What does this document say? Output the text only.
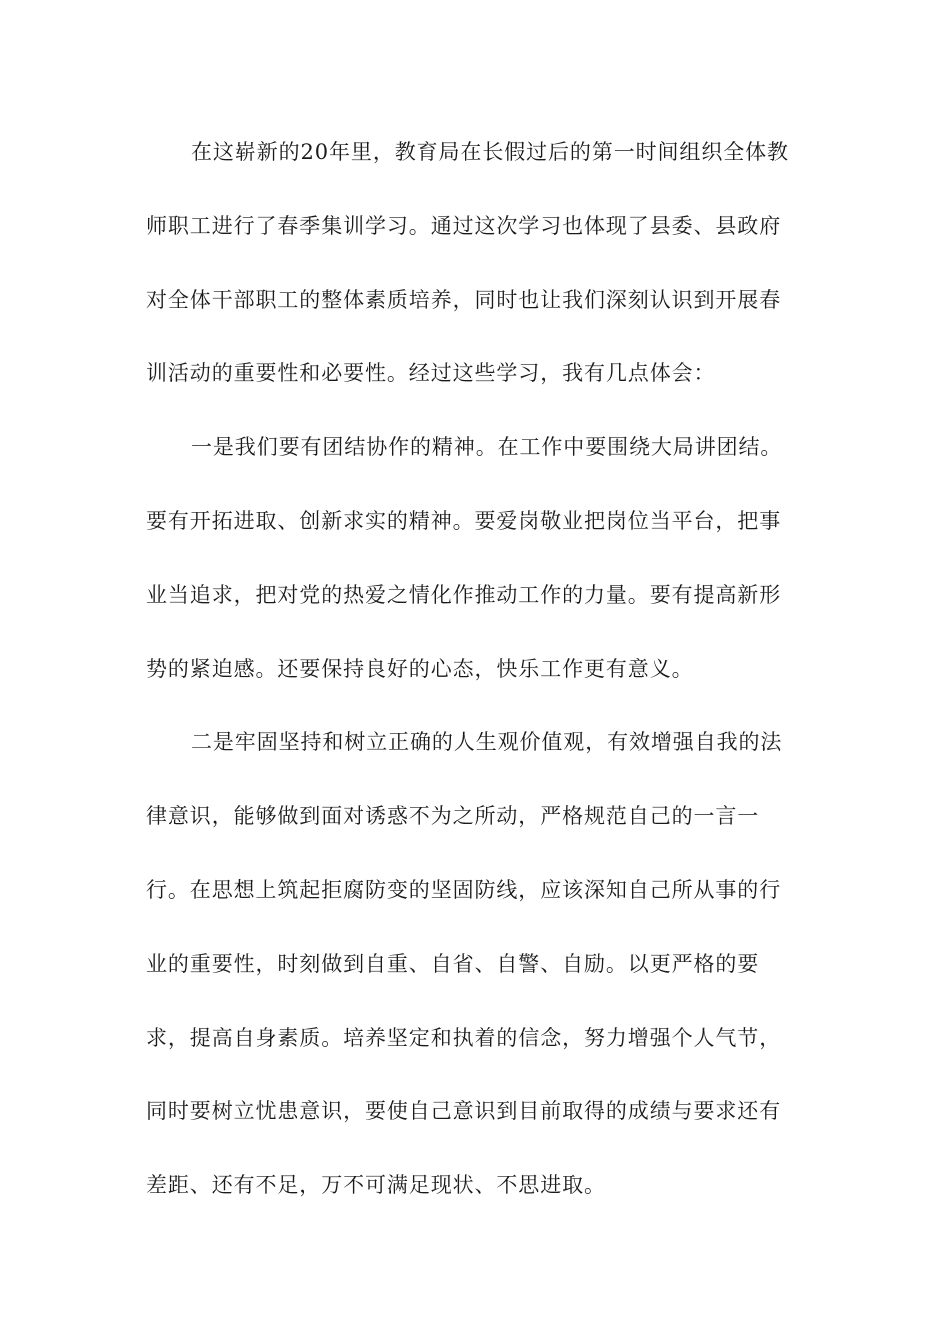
在这崭新的20年里，教育局在长假过后的第一时间组织全体教
师职工进行了春季集训学习。通过这次学习也体现了县委、县政府
对全体干部职工的整体素质培养，同时也让我们深刻认识到开展春
训活动的重要性和必要性。经过这些学习，我有几点体会：
一是我们要有团结协作的精神。在工作中要围绕大局讲团结。
要有开拓进取、创新求实的精神。要爱岗敬业把岗位当平台，把事
业当追求，把对党的热爱之情化作推动工作的力量。要有提高新形
势的紧迫感。还要保持良好的心态，快乐工作更有意义。
二是牢固坚持和树立正确的人生观价值观，有效增强自我的法
律意识，能够做到面对诱惑不为之所动，严格规范自己的一言一
行。在思想上筑起拒腐防变的坚固防线，应该深知自己所从事的行
业的重要性，时刻做到自重、自省、自警、自励。以更严格的要
求，提高自身素质。培养坚定和执着的信念，努力增强个人气节，
同时要树立忧患意识，要使自己意识到目前取得的成绩与要求还有
差距、还有不足，万不可满足现状、不思进取。
